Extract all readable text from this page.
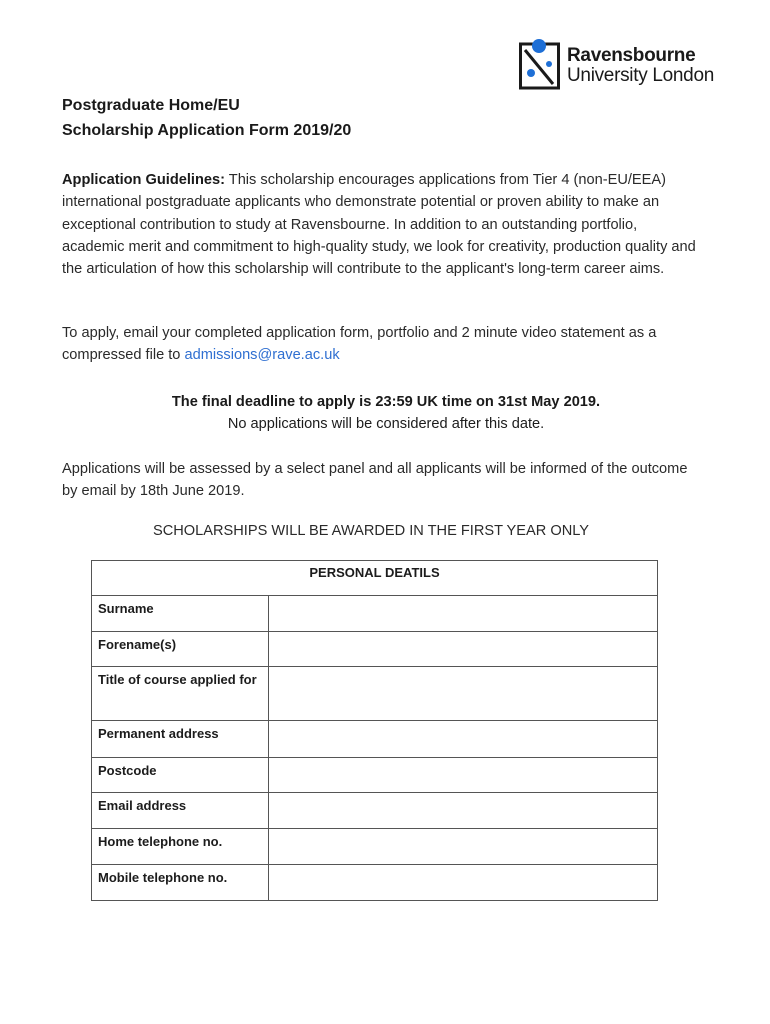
Ravensbourne
University London
Postgraduate Home/EU
Scholarship Application Form 2019/20
Application Guidelines: This scholarship encourages applications from Tier 4 (non-EU/EEA) international postgraduate applicants who demonstrate potential or proven ability to make an exceptional contribution to study at Ravensbourne. In addition to an outstanding portfolio, academic merit and commitment to high-quality study, we look for creativity, production quality and the articulation of how this scholarship will contribute to the applicant's long-term career aims.
To apply, email your completed application form, portfolio and 2 minute video statement as a compressed file to admissions@rave.ac.uk
The final deadline to apply is 23:59 UK time on 31st May 2019.
No applications will be considered after this date.
Applications will be assessed by a select panel and all applicants will be informed of the outcome by email by 18th June 2019.
SCHOLARSHIPS WILL BE AWARDED IN THE FIRST YEAR ONLY
PERSONAL DEATILS	
Surname	
Forename(s)	
Title of course applied for	
Permanent address	
Postcode	
Email address	
Home telephone no.	
Mobile telephone no.	
